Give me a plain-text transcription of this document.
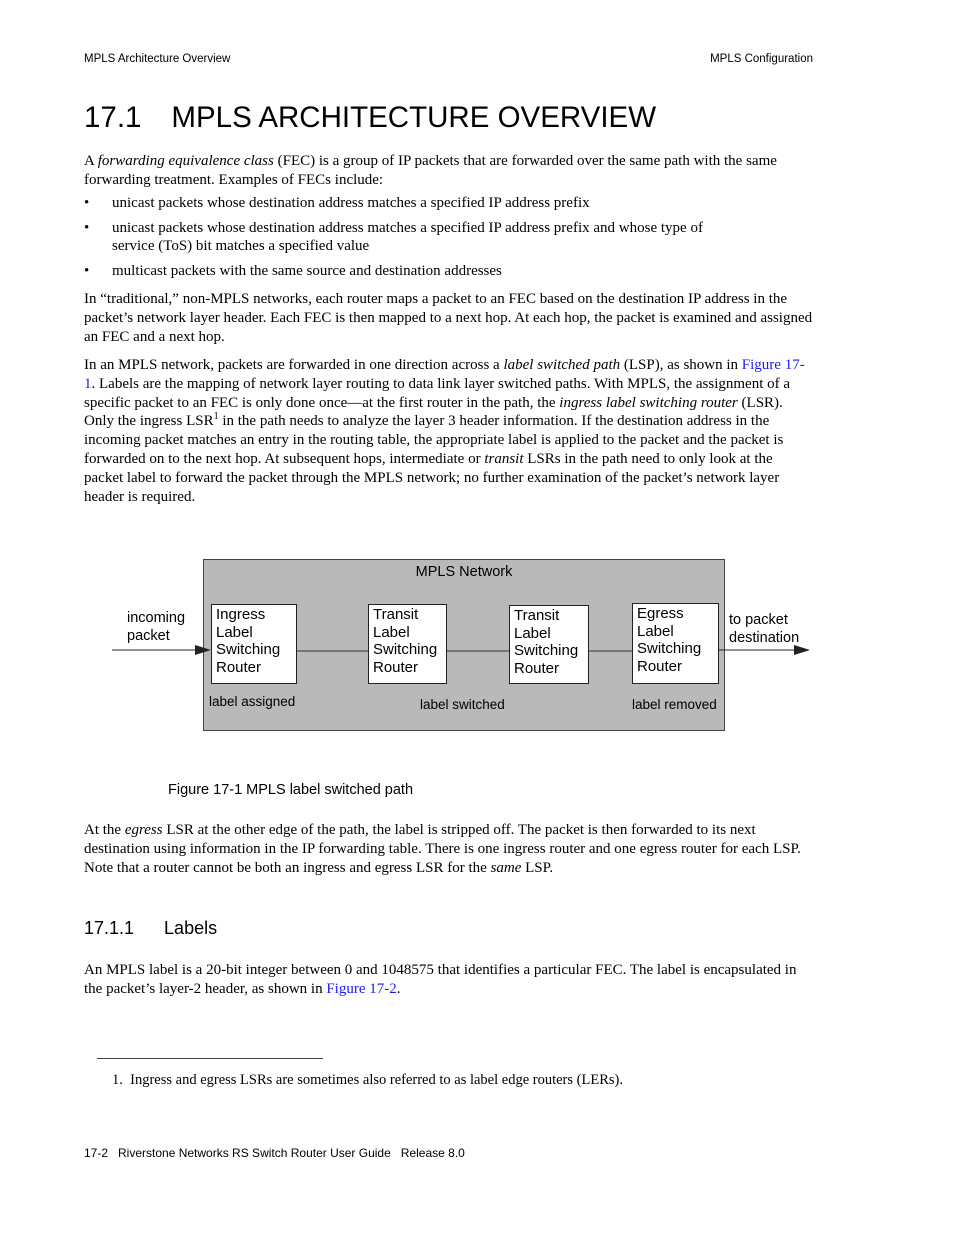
MPLS Architecture Overview	MPLS Configuration
17.1 MPLS ARCHITECTURE OVERVIEW
A forwarding equivalence class (FEC) is a group of IP packets that are forwarded over the same path with the same forwarding treatment. Examples of FECs include:
• unicast packets whose destination address matches a specified IP address prefix
• unicast packets whose destination address matches a specified IP address prefix and whose type of
service (ToS) bit matches a specified value
• multicast packets with the same source and destination addresses
In “traditional,” non-MPLS networks, each router maps a packet to an FEC based on the destination IP address in the packet’s network layer header. Each FEC is then mapped to a next hop. At each hop, the packet is examined and assigned an FEC and a next hop.
In an MPLS network, packets are forwarded in one direction across a label switched path (LSP), as shown in Figure 17-1. Labels are the mapping of network layer routing to data link layer switched paths. With MPLS, the assignment of a specific packet to an FEC is only done once—at the first router in the path, the ingress label switching router (LSR). Only the ingress LSR$^1$ in the path needs to analyze the layer 3 header information. If the destination address in the incoming packet matches an entry in the routing table, the appropriate label is applied to the packet and the packet is forwarded on to the next hop. At subsequent hops, intermediate or transit LSRs in the path need to only look at the packet label to forward the packet through the MPLS network; no further examination of the packet’s network layer header is required.
MPLS Network
incoming
packet
to packet
destination
Ingress
Label
Switching
Router
Transit
Label
Switching
Router
Transit
Label
Switching
Router
Egress
Label
Switching
Router
label assigned	label switched	label removed
Figure 17-1 MPLS label switched path
At the egress LSR at the other edge of the path, the label is stripped off. The packet is then forwarded to its next destination using information in the IP forwarding table. There is one ingress router and one egress router for each LSP. Note that a router cannot be both an ingress and egress LSR for the same LSP.
17.1.1 Labels
An MPLS label is a 20-bit integer between 0 and 1048575 that identifies a particular FEC. The label is encapsulated in the packet’s layer-2 header, as shown in Figure 17-2.
1.  Ingress and egress LSRs are sometimes also referred to as label edge routers (LERs).
17-2   Riverstone Networks RS Switch Router User Guide   Release 8.0
